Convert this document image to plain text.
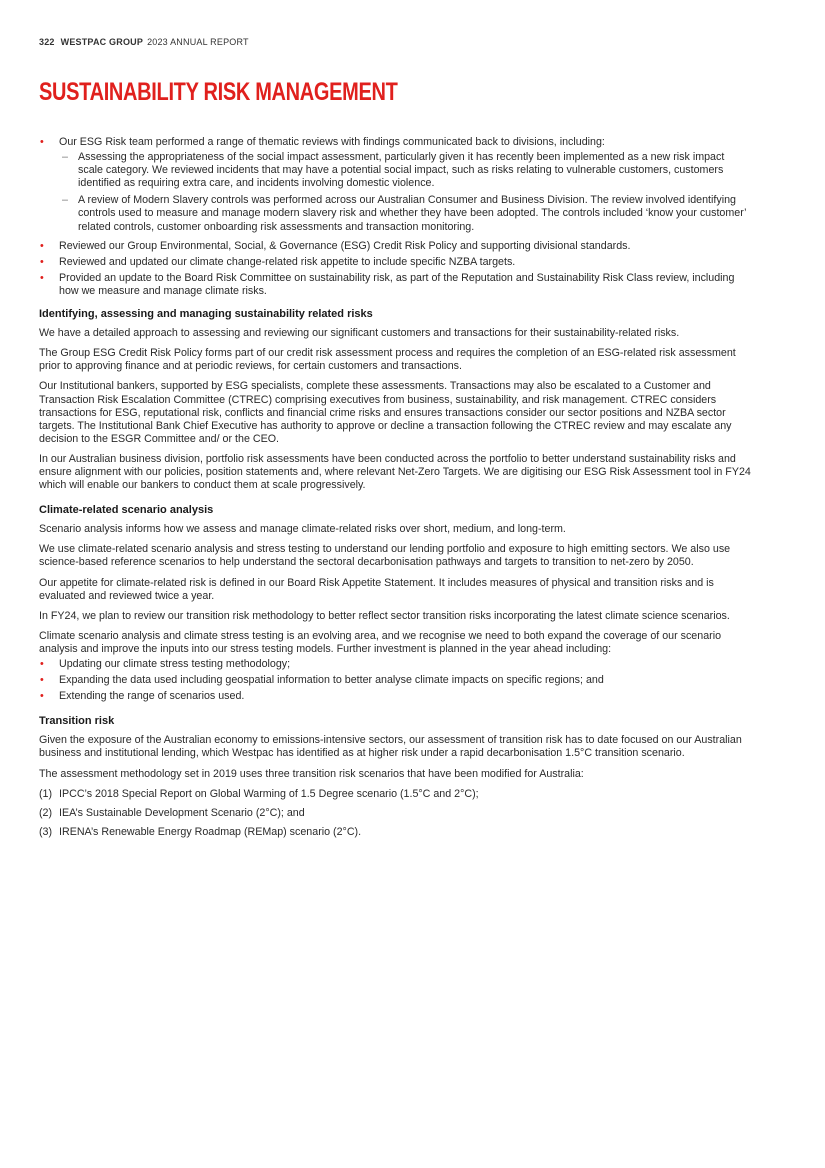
322 WESTPAC GROUP 2023 ANNUAL REPORT
SUSTAINABILITY RISK MANAGEMENT
• Our ESG Risk team performed a range of thematic reviews with findings communicated back to divisions, including:
– Assessing the appropriateness of the social impact assessment, particularly given it has recently been implemented as a new risk impact scale category. We reviewed incidents that may have a potential social impact, such as risks relating to vulnerable customers, customers identified as requiring extra care, and incidents involving domestic violence.
– A review of Modern Slavery controls was performed across our Australian Consumer and Business Division. The review involved identifying controls used to measure and manage modern slavery risk and whether they have been adopted. The controls included ‘know your customer’ related controls, customer onboarding risk assessments and transaction monitoring.
• Reviewed our Group Environmental, Social, & Governance (ESG) Credit Risk Policy and supporting divisional standards.
• Reviewed and updated our climate change-related risk appetite to include specific NZBA targets.
• Provided an update to the Board Risk Committee on sustainability risk, as part of the Reputation and Sustainability Risk Class review, including how we measure and manage climate risks.
Identifying, assessing and managing sustainability related risks

We have a detailed approach to assessing and reviewing our significant customers and transactions for their sustainability-related risks.

The Group ESG Credit Risk Policy forms part of our credit risk assessment process and requires the completion of an ESG-related risk assessment prior to approving finance and at periodic reviews, for certain customers and transactions.

Our Institutional bankers, supported by ESG specialists, complete these assessments. Transactions may also be escalated to a Customer and Transaction Risk Escalation Committee (CTREC) comprising executives from business, sustainability, and risk management. CTREC considers transactions for ESG, reputational risk, conflicts and financial crime risks and ensures transactions consider our sector positions and NZBA sector targets. The Institutional Bank Chief Executive has authority to approve or decline a transaction following the CTREC review and may escalate any decision to the ESGR Committee and/ or the CEO.

In our Australian business division, portfolio risk assessments have been conducted across the portfolio to better understand sustainability risks and ensure alignment with our policies, position statements and, where relevant Net-Zero Targets. We are digitising our ESG Risk Assessment tool in FY24 which will enable our bankers to conduct them at scale progressively.

Climate-related scenario analysis

Scenario analysis informs how we assess and manage climate-related risks over short, medium, and long-term.

We use climate-related scenario analysis and stress testing to understand our lending portfolio and exposure to high emitting sectors. We also use science-based reference scenarios to help understand the sectoral decarbonisation pathways and targets to transition to net-zero by 2050.

Our appetite for climate-related risk is defined in our Board Risk Appetite Statement. It includes measures of physical and transition risks and is evaluated and reviewed twice a year.

In FY24, we plan to review our transition risk methodology to better reflect sector transition risks incorporating the latest climate science scenarios.

Climate scenario analysis and climate stress testing is an evolving area, and we recognise we need to both expand the coverage of our scenario analysis and improve the inputs into our stress testing models. Further investment is planned in the year ahead including:

• Updating our climate stress testing methodology;
• Expanding the data used including geospatial information to better analyse climate impacts on specific regions; and
• Extending the range of scenarios used.
Transition risk

Given the exposure of the Australian economy to emissions-intensive sectors, our assessment of transition risk has to date focused on our Australian business and institutional lending, which Westpac has identified as at higher risk under a rapid decarbonisation 1.5°C transition scenario.

The assessment methodology set in 2019 uses three transition risk scenarios that have been modified for Australia:

(1) IPCC’s 2018 Special Report on Global Warming of 1.5 Degree scenario (1.5°C and 2°C);

(2) IEA’s Sustainable Development Scenario (2°C); and

(3) IRENA’s Renewable Energy Roadmap (REMap) scenario (2°C).
